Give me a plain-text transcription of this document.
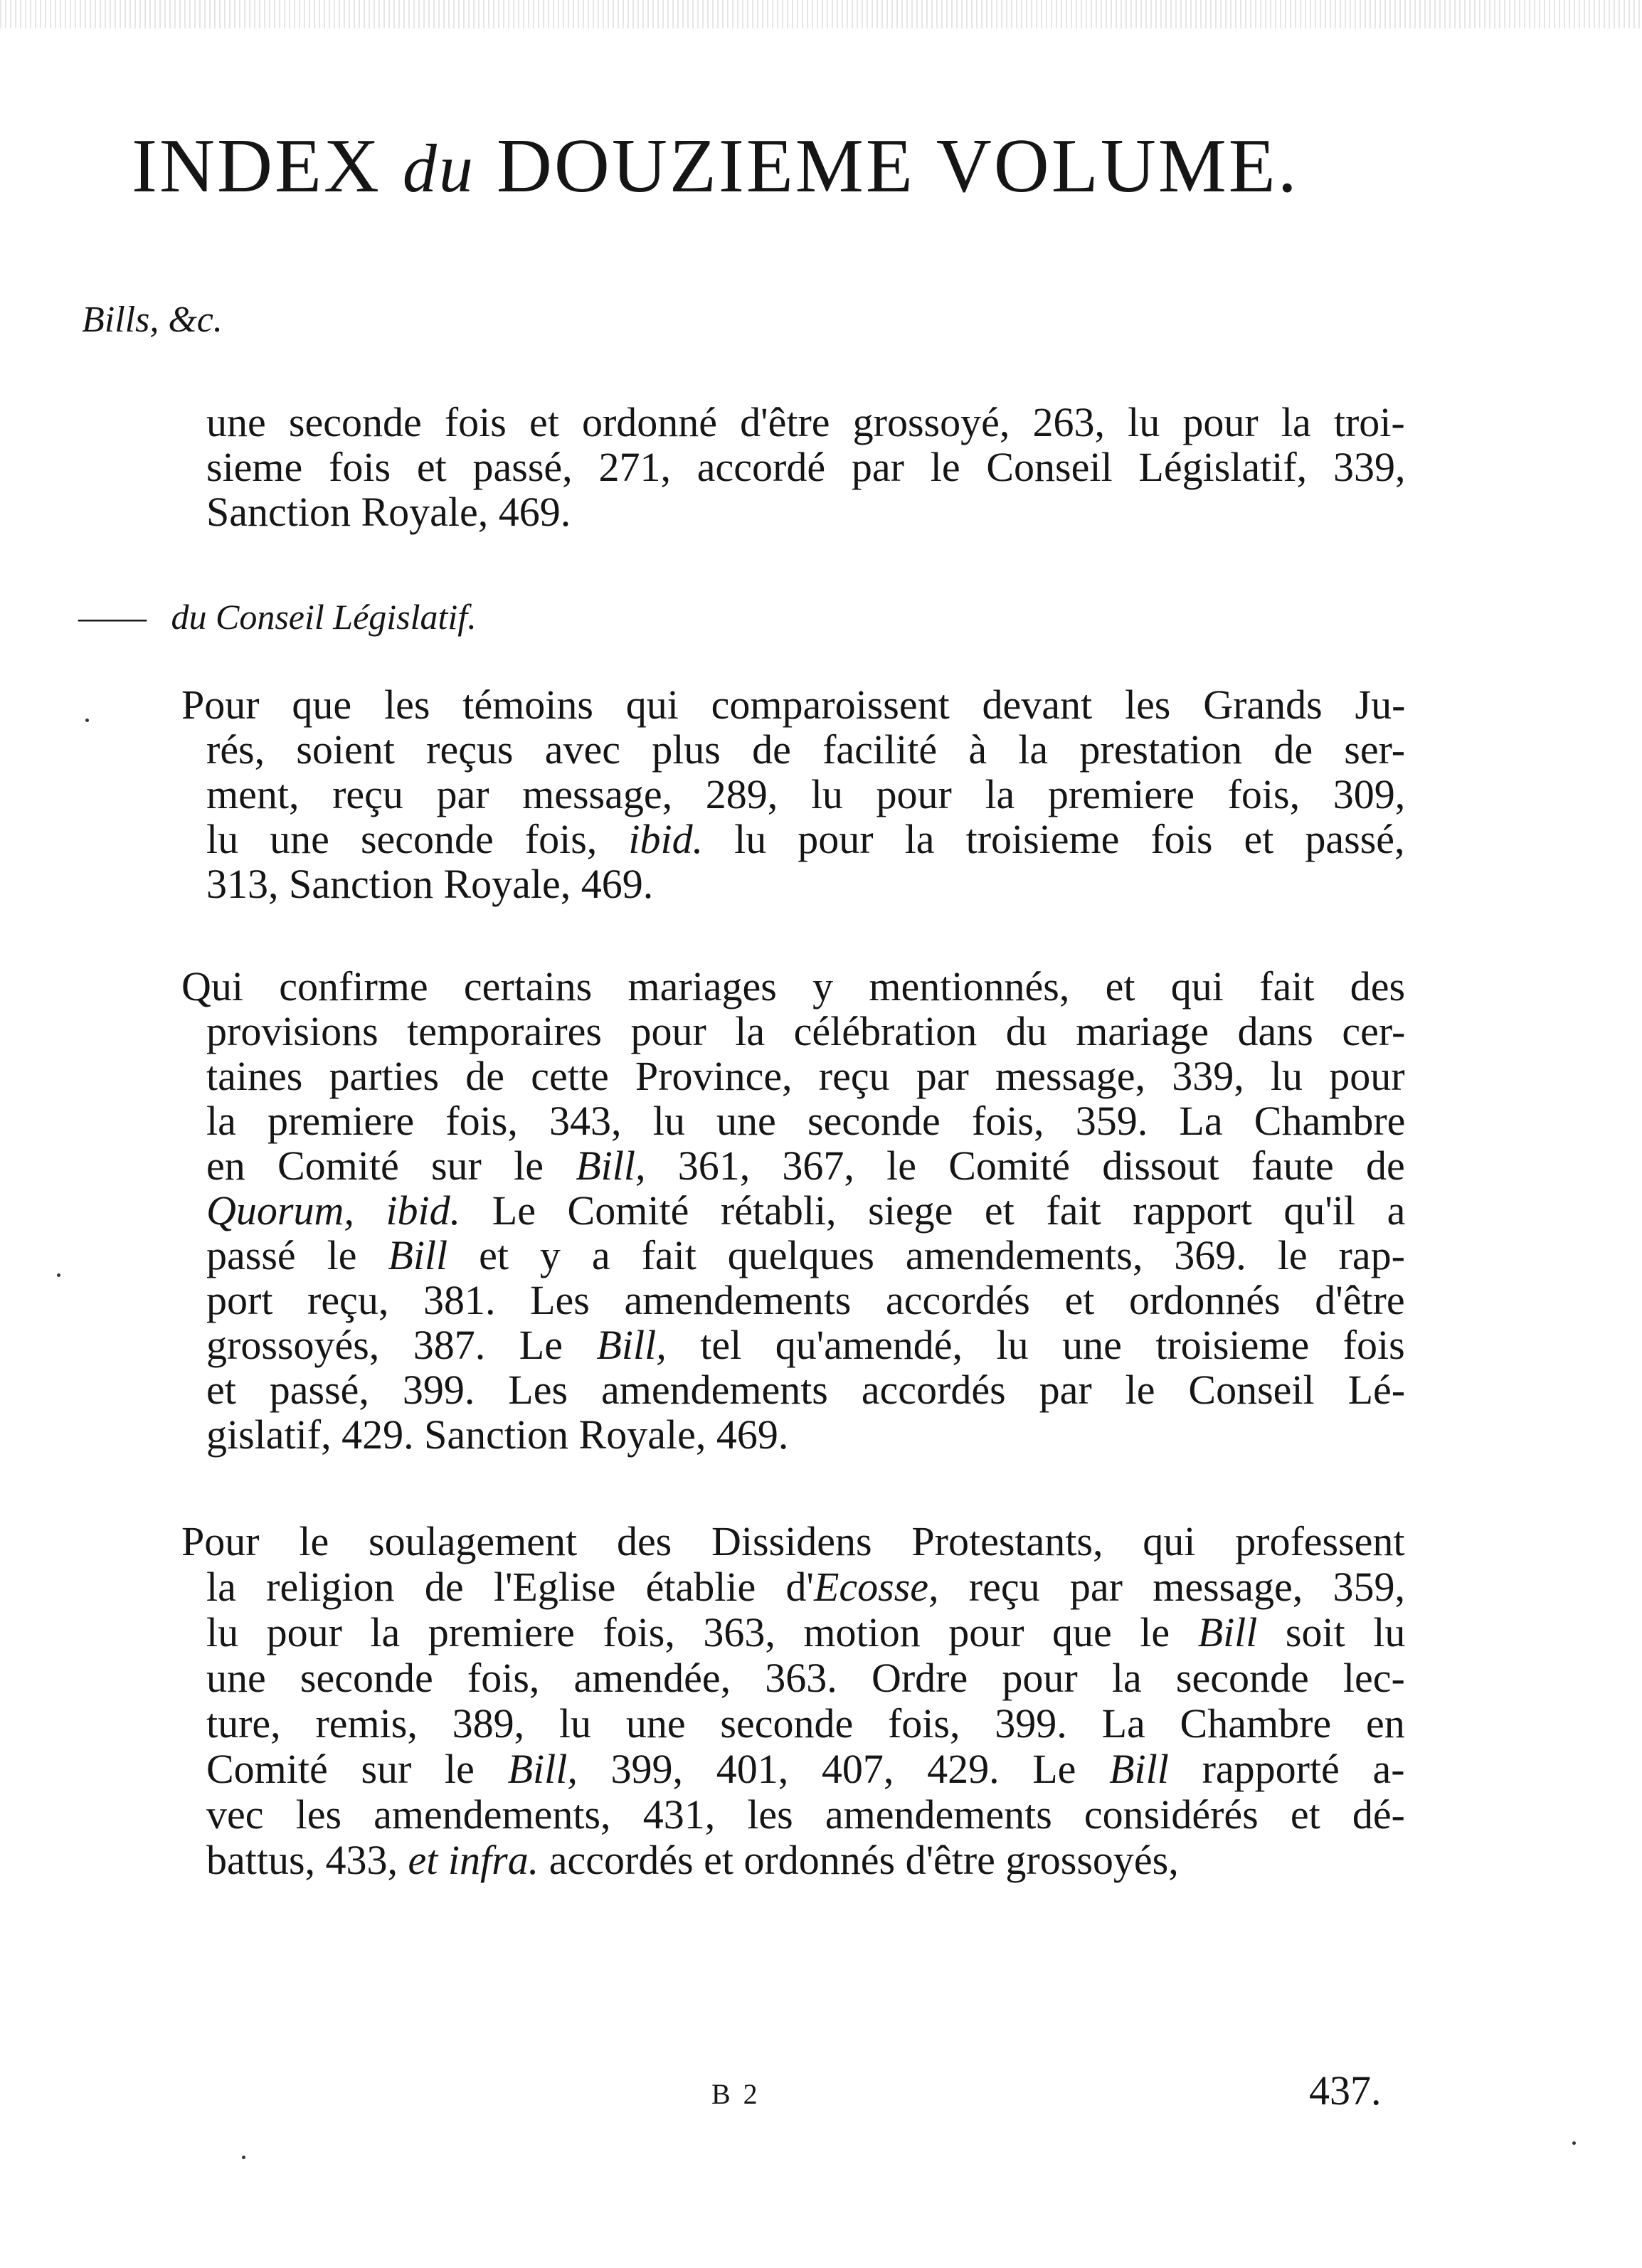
INDEX du DOUZIEME VOLUME.
Bills, &c.
une seconde fois et ordonné d'être grossoyé, 263, lu pour la troi-
sieme fois et passé, 271, accordé par le Conseil Législatif, 339,
Sanction Royale, 469.
—— du Conseil Législatif.
Pour que les témoins qui comparoissent devant les Grands Ju-
rés, soient reçus avec plus de facilité à la prestation de ser-
ment, reçu par message, 289, lu pour la premiere fois, 309,
lu une seconde fois, ibid. lu pour la troisieme fois et passé,
313, Sanction Royale, 469.
Qui confirme certains mariages y mentionnés, et qui fait des
provisions temporaires pour la célébration du mariage dans cer-
taines parties de cette Province, reçu par message, 339, lu pour
la premiere fois, 343, lu une seconde fois, 359. La Chambre
en Comité sur le Bill, 361, 367, le Comité dissout faute de
Quorum, ibid. Le Comité rétabli, siege et fait rapport qu'il a
passé le Bill et y a fait quelques amendements, 369. le rap-
port reçu, 381. Les amendements accordés et ordonnés d'être
grossoyés, 387. Le Bill, tel qu'amendé, lu une troisieme fois
et passé, 399. Les amendements accordés par le Conseil Lé-
gislatif, 429. Sanction Royale, 469.
Pour le soulagement des Dissidens Protestants, qui professent
la religion de l'Eglise établie d'Ecosse, reçu par message, 359,
lu pour la premiere fois, 363, motion pour que le Bill soit lu
une seconde fois, amendée, 363. Ordre pour la seconde lec-
ture, remis, 389, lu une seconde fois, 399. La Chambre en
Comité sur le Bill, 399, 401, 407, 429. Le Bill rapporté a-
vec les amendements, 431, les amendements considérés et dé-
battus, 433, et infra. accordés et ordonnés d'être grossoyés,
B 2	437.
